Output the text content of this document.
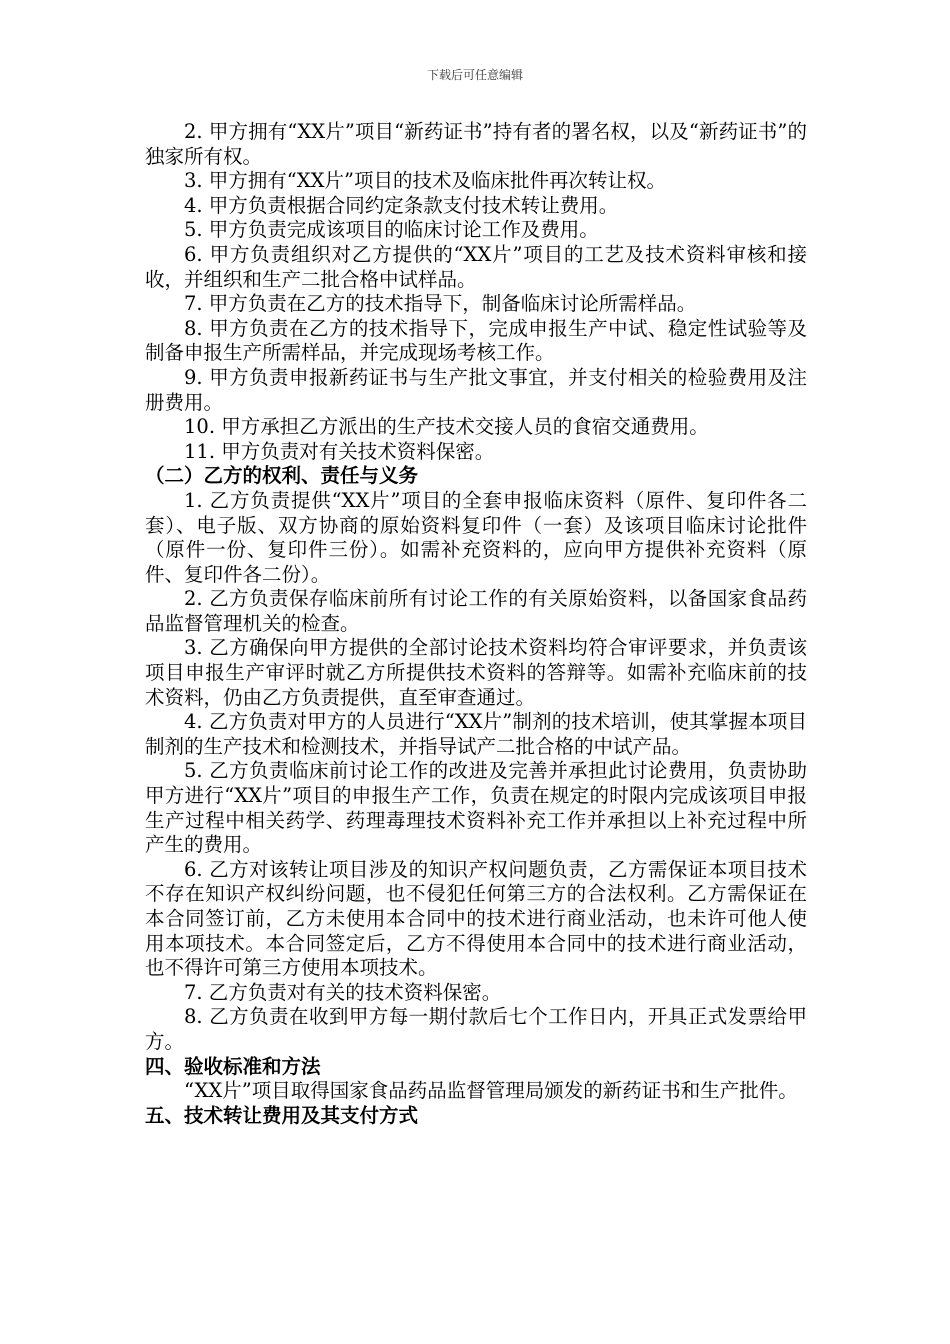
下载后可任意编辑

2. 甲方拥有“XX片”项目“新药证书”持有者的署名权，以及“新药证书”的独家所有权。

3. 甲方拥有“XX片”项目的技术及临床批件再次转让权。

4. 甲方负责根据合同约定条款支付技术转让费用。

5. 甲方负责完成该项目的临床讨论工作及费用。

6. 甲方负责组织对乙方提供的“XX片”项目的工艺及技术资料审核和接收，并组织和生产二批合格中试样品。

7. 甲方负责在乙方的技术指导下，制备临床讨论所需样品。

8. 甲方负责在乙方的技术指导下，完成申报生产中试、稳定性试验等及制备申报生产所需样品，并完成现场考核工作。

9. 甲方负责申报新药证书与生产批文事宜，并支付相关的检验费用及注册费用。

10. 甲方承担乙方派出的生产技术交接人员的食宿交通费用。

11. 甲方负责对有关技术资料保密。

（二）乙方的权利、责任与义务

1. 乙方负责提供“XX片”项目的全套申报临床资料（原件、复印件各二套）、电子版、双方协商的原始资料复印件（一套）及该项目临床讨论批件（原件一份、复印件三份）。如需补充资料的，应向甲方提供补充资料（原件、复印件各二份）。

2. 乙方负责保存临床前所有讨论工作的有关原始资料，以备国家食品药品监督管理机关的检查。

3. 乙方确保向甲方提供的全部讨论技术资料均符合审评要求，并负责该项目申报生产审评时就乙方所提供技术资料的答辩等。如需补充临床前的技术资料，仍由乙方负责提供，直至审查通过。

4. 乙方负责对甲方的人员进行“XX片”制剂的技术培训，使其掌握本项目制剂的生产技术和检测技术，并指导试产二批合格的中试产品。

5. 乙方负责临床前讨论工作的改进及完善并承担此讨论费用，负责协助甲方进行“XX片”项目的申报生产工作，负责在规定的时限内完成该项目申报生产过程中相关药学、药理毒理技术资料补充工作并承担以上补充过程中所产生的费用。

6. 乙方对该转让项目涉及的知识产权问题负责，乙方需保证本项目技术不存在知识产权纠纷问题，也不侵犯任何第三方的合法权利。乙方需保证在本合同签订前，乙方未使用本合同中的技术进行商业活动，也未许可他人使用本项技术。本合同签定后，乙方不得使用本合同中的技术进行商业活动，也不得许可第三方使用本项技术。

7. 乙方负责对有关的技术资料保密。

8. 乙方负责在收到甲方每一期付款后七个工作日内，开具正式发票给甲方。

四、验收标准和方法

“XX片”项目取得国家食品药品监督管理局颁发的新药证书和生产批件。

五、技术转让费用及其支付方式
